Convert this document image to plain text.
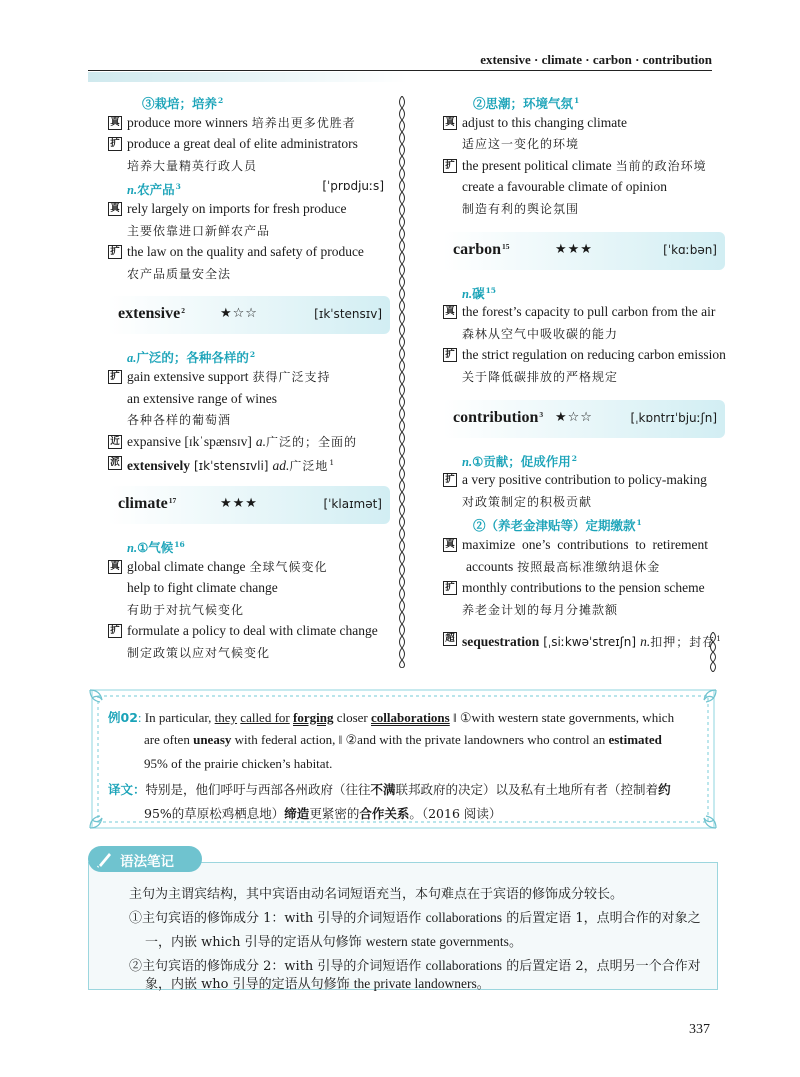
extensive · climate · carbon · contribution
③栽培；培养$^2$
真 produce more winners 培养出更多优胜者
扩 produce a great deal of elite administrators
培养大量精英行政人员
n.农产品$^3$	[ˈprɒdjuːs]
真 rely largely on imports for fresh produce
主要依靠进口新鲜农产品
扩 the law on the quality and safety of produce
农产品质量安全法
extensive$^2$	★☆☆	[ɪkˈstensɪv]
a.广泛的；各种各样的$^2$
扩 gain extensive support 获得广泛支持
an extensive range of wines
各种各样的葡萄酒
近 expansive [ɪkˈspænsɪv] a.广泛的；全面的
派 extensively [ɪkˈstensɪvli] ad.广泛地$^1$
climate$^{17}$	★★★	[ˈklaɪmət]
n.①气候$^{16}$
真 global climate change 全球气候变化
help to fight climate change
有助于对抗气候变化
扩 formulate a policy to deal with climate change
制定政策以应对气候变化
②思潮；环境气氛$^1$
真 adjust to this changing climate
适应这一变化的环境
扩 the present political climate 当前的政治环境
create a favourable climate of opinion
制造有利的舆论氛围
carbon$^{15}$	★★★	[ˈkɑːbən]
n.碳$^{15}$
真 the forest’s capacity to pull carbon from the air
森林从空气中吸收碳的能力
扩 the strict regulation on reducing carbon emission
关于降低碳排放的严格规定
contribution$^3$ ★☆☆	[ˌkɒntrɪˈbjuːʃn]
n.①贡献；促成作用$^2$
扩 a very positive contribution to policy-making
对政策制定的积极贡献
②（养老金津贴等）定期缴款$^1$
真 maximize  one’s  contributions  to  retirement
accounts 按照最高标准缴纳退休金
扩 monthly contributions to the pension scheme
养老金计划的每月分摊款额
超 sequestration [ˌsiːkwəˈstreɪʃn] n.扣押；封存$^1$
例02: In particular, they called for forging closer collaborations ‖ ①with western state governments, which
are often uneasy with federal action, ‖ ②and with the private landowners who control an estimated
95% of the prairie chicken’s habitat.
译文：特别是，他们呼吁与西部各州政府（往往不满联邦政府的决定）以及私有土地所有者（控制着约
95%的草原松鸡栖息地）缔造更紧密的合作关系。（2016 阅读）
主句为主谓宾结构，其中宾语由动名词短语充当，本句难点在于宾语的修饰成分较长。
①主句宾语的修饰成分 1：with 引导的介词短语作 collaborations 的后置定语 1，点明合作的对象之
一，内嵌 which 引导的定语从句修饰 western state governments。
②主句宾语的修饰成分 2：with 引导的介词短语作 collaborations 的后置定语 2，点明另一个合作对
象，内嵌 who 引导的定语从句修饰 the private landowners。
语法笔记
337
